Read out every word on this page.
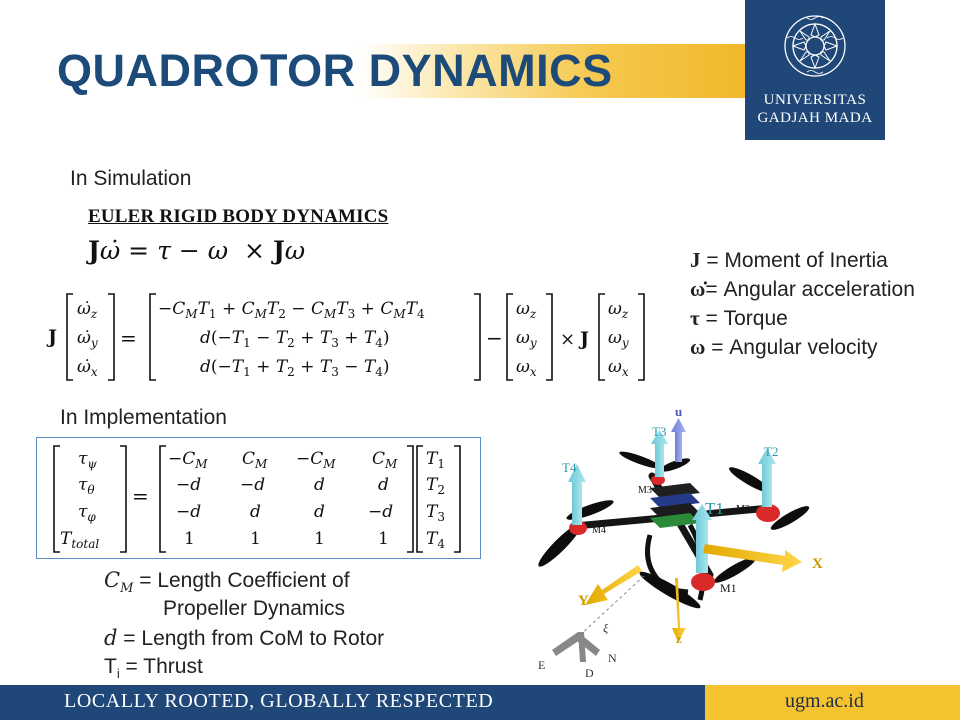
QUADROTOR DYNAMICS
UNIVERSITAS
GADJAH MADA
In Simulation
EULER RIGID BODY DYNAMICS
Jω̇ = τ − ω  × Jω
J
$\omegȧ_z$
$\omegȧ_y$
$\omegȧ_x$
=
$-C_MT_1 + C_MT_2 - C_MT_3 + C_MT_4$
$d(-T_1 - T_2 + T_3 + T_4)$
$d(-T_1 + T_2 + T_3 - T_4)$
−
$\omega_z$
$\omega_y$
$\omega_x$
× J
$\omega_z$
$\omega_y$
$\omega_x$
J = Moment of Inertia
ω̇= Angular acceleration
τ = Torque
ω = Angular velocity
In Implementation
$\tau_\psi$
$\tau_\theta$
$\tau_\varphi$
$T_{total}$
=
$-C_M$ $C_M -C_M$ $C_M$
−d −d	d	d
−d	d	d	−d
1	1	1	1
$T_1$
$T_2$
$T_3$
$T_4$
$C_M$ = Length Coefficient of
Propeller Dynamics
d = Length from CoM to Rotor
$T_i$ = Thrust
u
T3
T2
T4
T1
M3
M2
M4
M1
X
Y
z
ξ
E
D
N
LOCALLY ROOTED, GLOBALLY RESPECTED	ugm.ac.id
